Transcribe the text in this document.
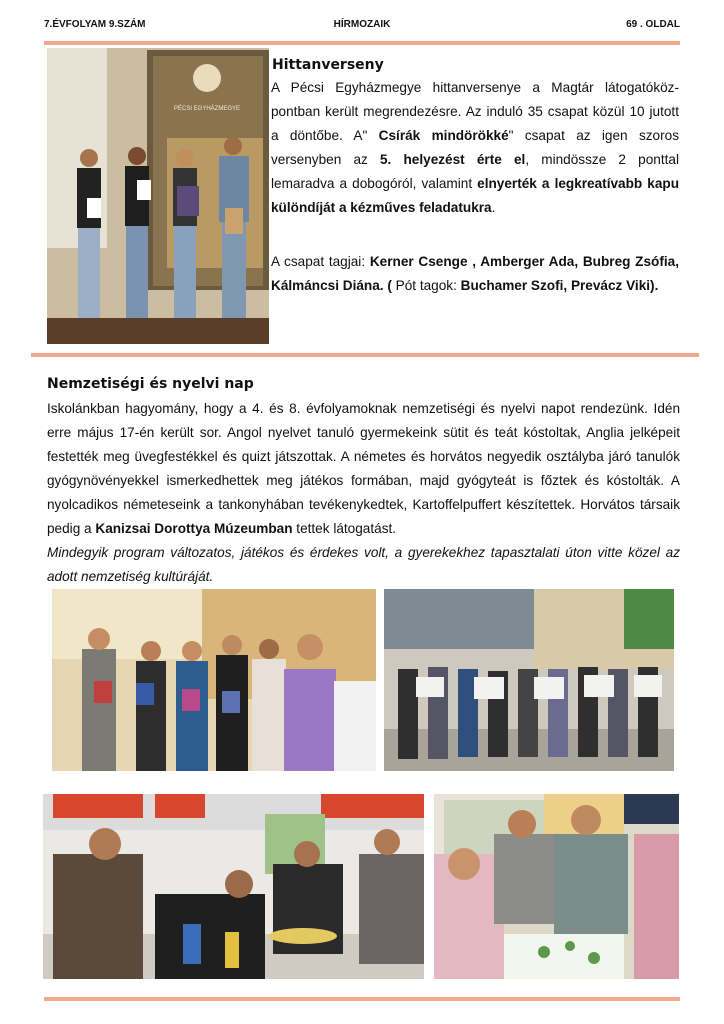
7.ÉVFOLYAM 9.SZÁM	HÍRMOZAIK	69 . OLDAL
PÉCSI EGYHÁZMEGYE
Hittanverseny

A Pécsi Egyházmegye hittanversenye a Magtár látogatóköz-pontban került megrendezésre. Az induló 35 csapat közül 10 jutott a döntőbe. A" Csírák mindörökké" csapat az igen szoros versenyben az 5. helyezést érte el, mindössze 2 ponttal lemaradva a dobogóról, valamint elnyerték a legkreatívabb kapu különdíját a kézműves feladatukra.

A csapat tagjai: Kerner Csenge , Amberger Ada, Bubreg Zsófia, Kálmáncsi Diána. ( Pót tagok: Buchamer Szofi, Prevácz Viki).

Nemzetiségi és nyelvi nap

Iskolánkban hagyomány, hogy a 4. és 8. évfolyamoknak nemzetiségi és nyelvi napot rendezünk. Idén erre május 17-én került sor. Angol nyelvet tanuló gyermekeink sütit és teát kóstoltak, Anglia jelképeit festették meg üvegfestékkel és quizt játszottak. A németes és horvátos negyedik osztályba járó tanulók gyógynövényekkel ismerkedhettek meg játékos formában, majd gyógyteát is főztek és kóstolták. A nyolcadikos németeseink a tankonyhában tevékenykedtek, Kartoffelpuffert készítettek. Horvátos társaik pedig a Kanizsai Dorottya Múzeumban tettek látogatást.

Mindegyik program változatos, játékos és érdekes volt, a gyerekekhez tapasztalati úton vitte közel az adott nemzetiség kultúráját.
